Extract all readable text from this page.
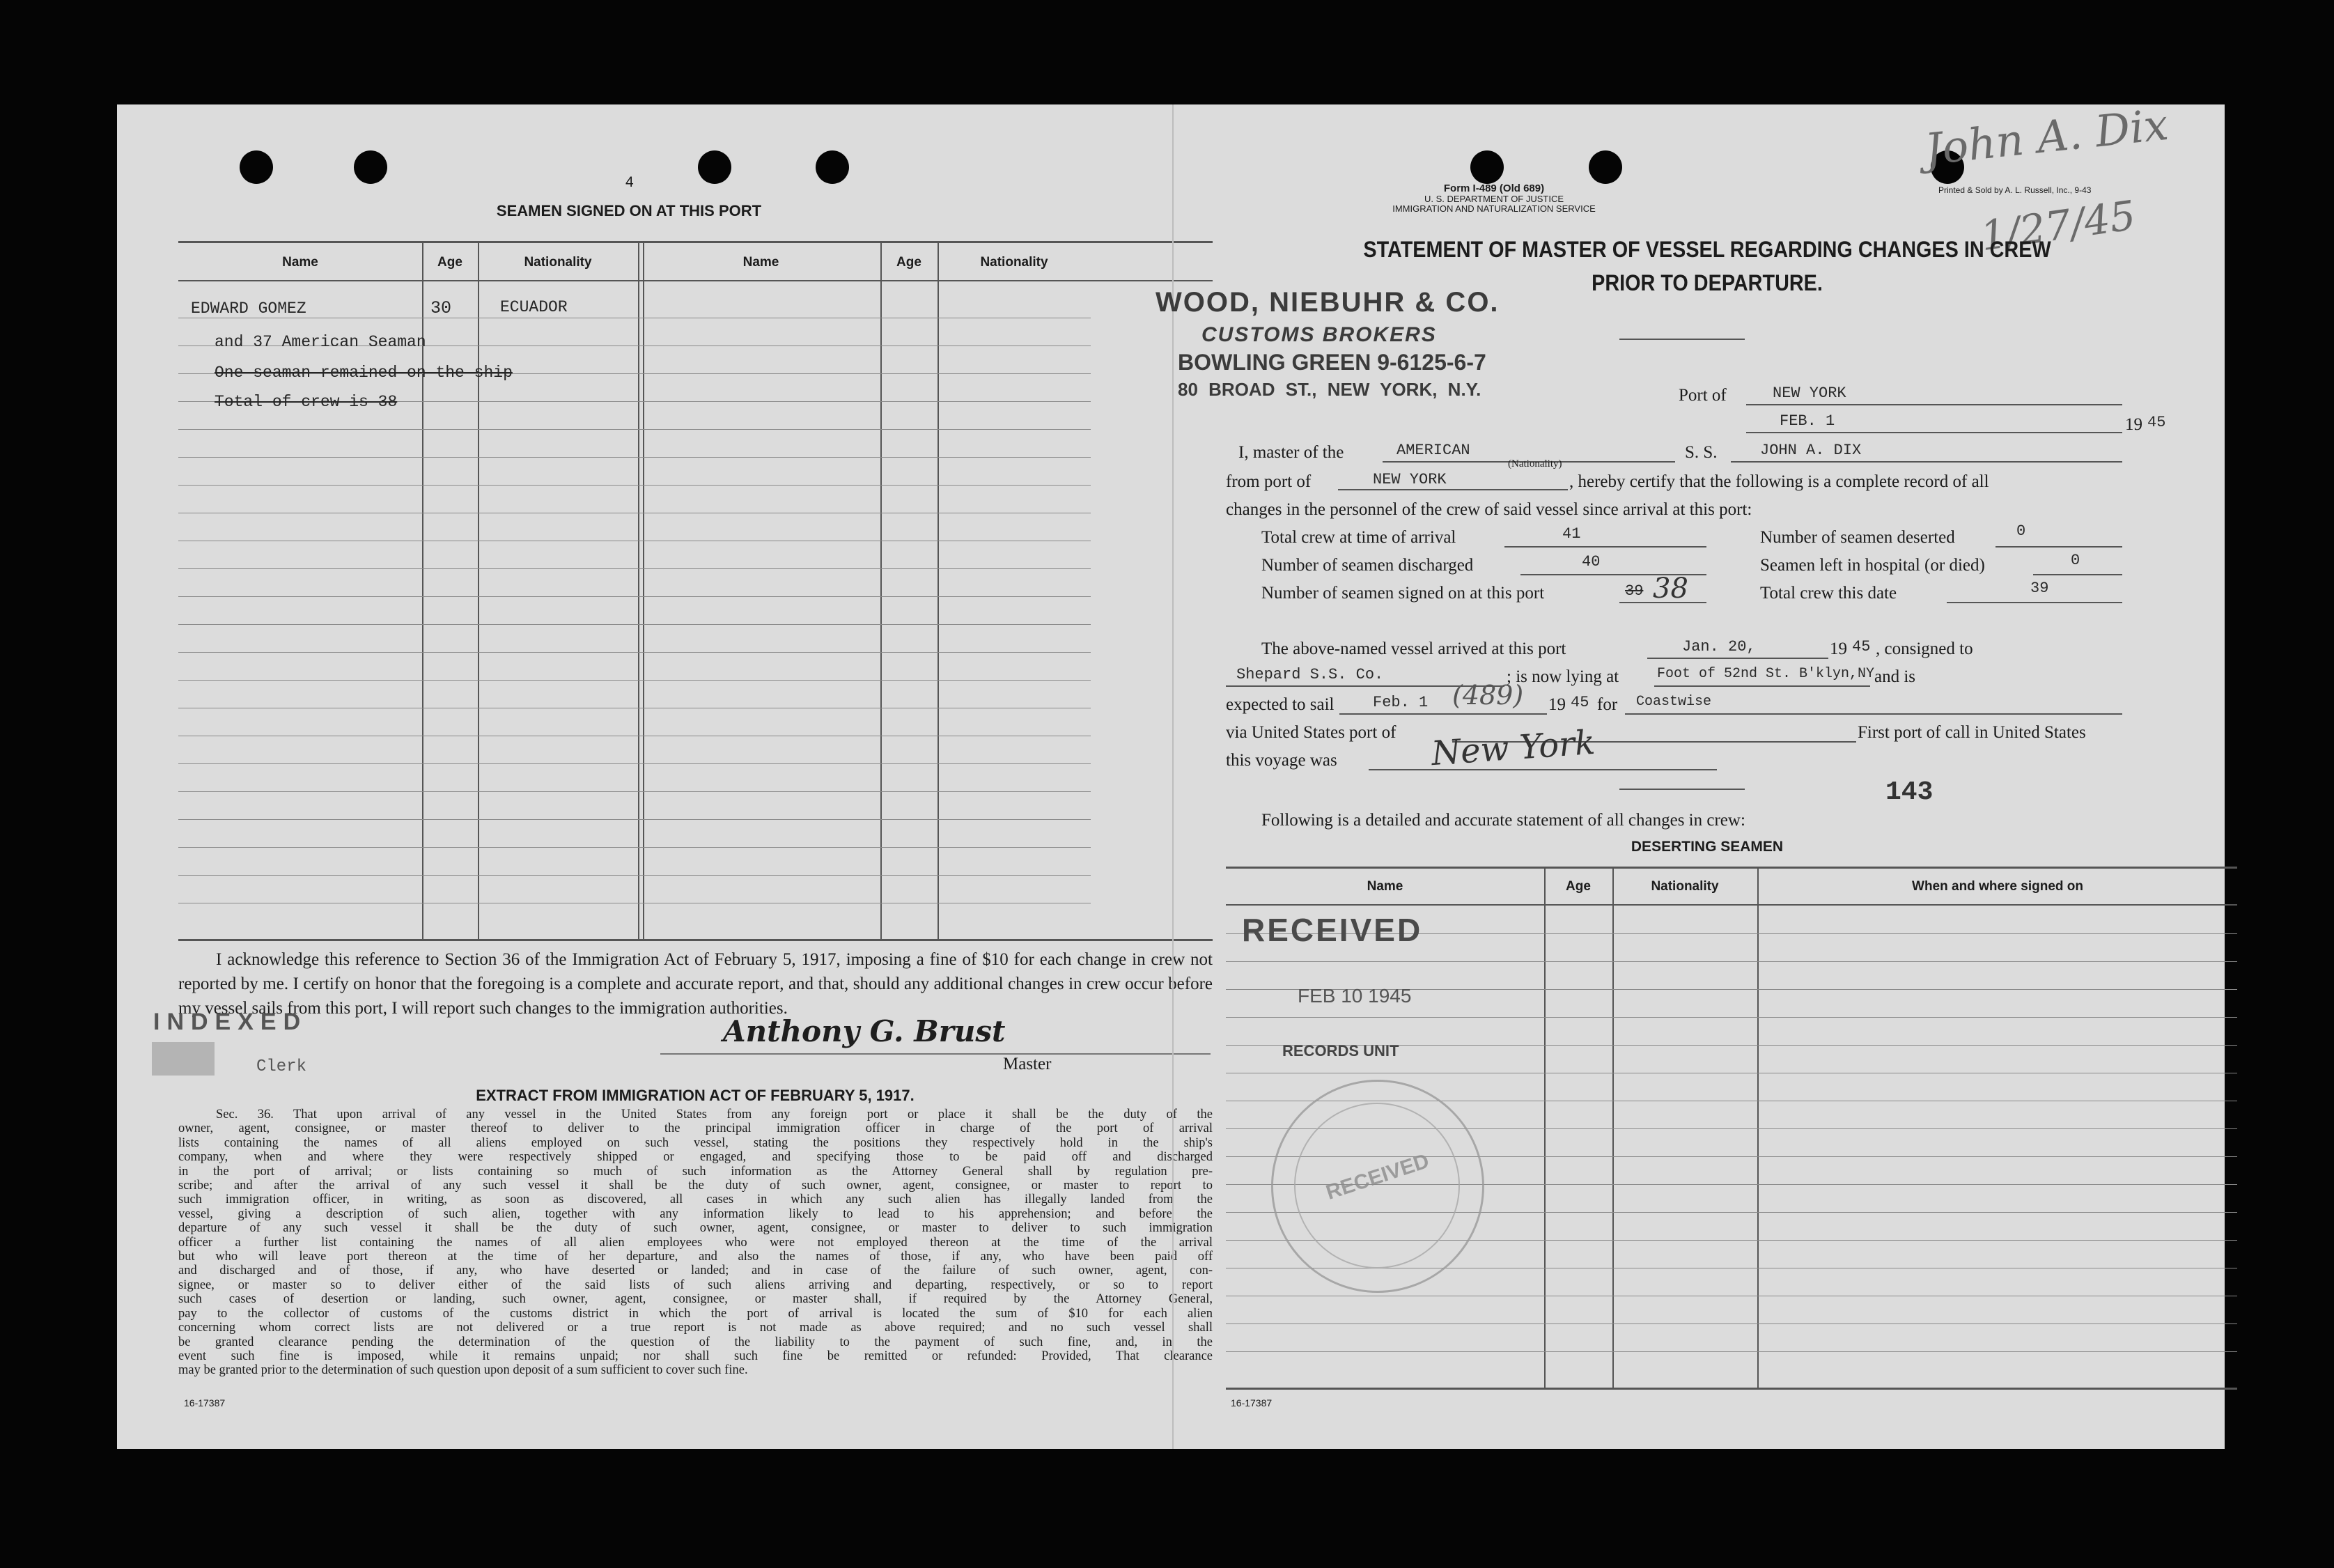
4
SEAMEN SIGNED ON AT THIS PORT
Name	Age	Nationality	Name	Age	Nationality
EDWARD GOMEZ	30	ECUADOR
and 37 American Seaman
One seaman remained on the ship
Total of crew is 38
I acknowledge this reference to Section 36 of the Immigration Act of February 5, 1917, imposing a fine of $10 for each change in crew not reported by me. I certify on honor that the foregoing is a complete and accurate report, and that, should any additional changes in crew occur before my vessel sails from this port, I will report such changes to the immigration authorities.
INDEXED
Clerk
Anthony G. Brust
Master
EXTRACT FROM IMMIGRATION ACT OF FEBRUARY 5, 1917.
Sec. 36. That upon arrival of any vessel in the United States from any foreign port or place it shall be the duty of the
owner, agent, consignee, or master thereof to deliver to the principal immigration officer in charge of the port of arrival
lists containing the names of all aliens employed on such vessel, stating the positions they respectively hold in the ship's
company, when and where they were respectively shipped or engaged, and specifying those to be paid off and discharged
in the port of arrival; or lists containing so much of such information as the Attorney General shall by regulation pre-
scribe; and after the arrival of any such vessel it shall be the duty of such owner, agent, consignee, or master to report to
such immigration officer, in writing, as soon as discovered, all cases in which any such alien has illegally landed from the
vessel, giving a description of such alien, together with any information likely to lead to his apprehension; and before the
departure of any such vessel it shall be the duty of such owner, agent, consignee, or master to deliver to such immigration
officer a further list containing the names of all alien employees who were not employed thereon at the time of the arrival
but who will leave port thereon at the time of her departure, and also the names of those, if any, who have been paid off
and discharged and of those, if any, who have deserted or landed; and in case of the failure of such owner, agent, con-
signee, or master so to deliver either of the said lists of such aliens arriving and departing, respectively, or so to report
such cases of desertion or landing, such owner, agent, consignee, or master shall, if required by the Attorney General,
pay to the collector of customs of the customs district in which the port of arrival is located the sum of $10 for each alien
concerning whom correct lists are not delivered or a true report is not made as above required; and no such vessel shall
be granted clearance pending the determination of the question of the liability to the payment of such fine, and, in the
event such fine is imposed, while it remains unpaid; nor shall such fine be remitted or refunded: Provided, That clearance
may be granted prior to the determination of such question upon deposit of a sum sufficient to cover such fine.
16-17387
Form I-489 (Old 689)
U. S. DEPARTMENT OF JUSTICE
IMMIGRATION AND NATURALIZATION SERVICE
Printed & Sold by A. L. Russell, Inc., 9-43
John A. Dix
1/27/45
STATEMENT OF MASTER OF VESSEL REGARDING CHANGES IN CREW
PRIOR TO DEPARTURE.
WOOD, NIEBUHR & CO.
CUSTOMS BROKERS
BOWLING GREEN 9-6125-6-7
80 BROAD ST., NEW YORK, N.Y.	Port of	NEW YORK
FEB. 1	19 45
I, master of the	AMERICAN
(Nationality)
S. S.	JOHN A. DIX
from port of	NEW YORK	, hereby certify that the following is a complete record of all
changes in the personnel of the crew of said vessel since arrival at this port:
Total crew at time of arrival	41
Number of seamen discharged	40
Number of seamen signed on at this port	39 38
Number of seamen deserted	0
Seamen left in hospital (or died)	0
Total crew this date	39
The above-named vessel arrived at this port	Jan. 20,	19 45 , consigned to
Shepard S.S. Co.	; is now lying at	Foot of 52nd St. B'klyn,NY and is
expected to sail	Feb. 1 (489) 19 45 for Coastwise
via United States port of	First port of call in United States
this voyage was	New York
143
Following is a detailed and accurate statement of all changes in crew:
DESERTING SEAMEN
Name	Age	Nationality	When and where signed on
RECEIVED
FEB 10 1945
RECORDS UNIT
RECEIVED
16-17387
